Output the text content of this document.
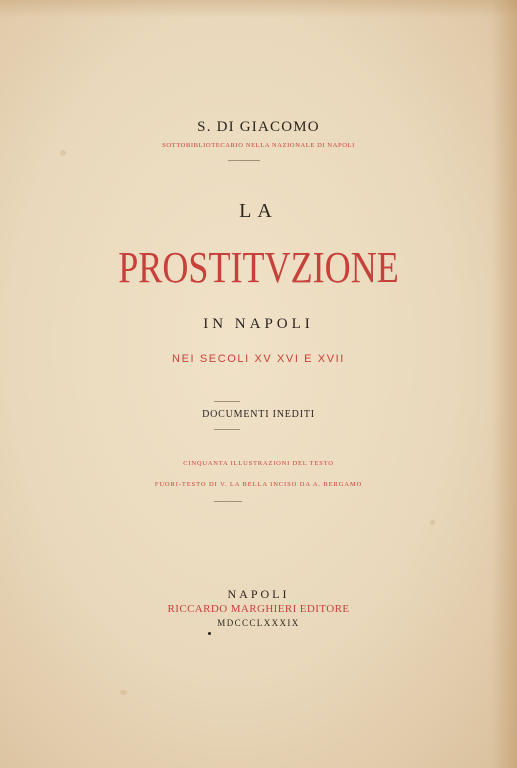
S. DI GIACOMO
SOTTOBIBLIOTECARIO NELLA NAZIONALE DI NAPOLI
LA
PROSTITVZIONE
IN NAPOLI
NEI SECOLI XV XVI E XVII
DOCUMENTI INEDITI
CINQUANTA ILLUSTRAZIONI DEL TESTO
FUORI-TESTO DI V. LA BELLA INCISO DA A. BERGAMO
NAPOLI
RICCARDO MARGHIERI EDITORE
MDCCCLXXXIX
